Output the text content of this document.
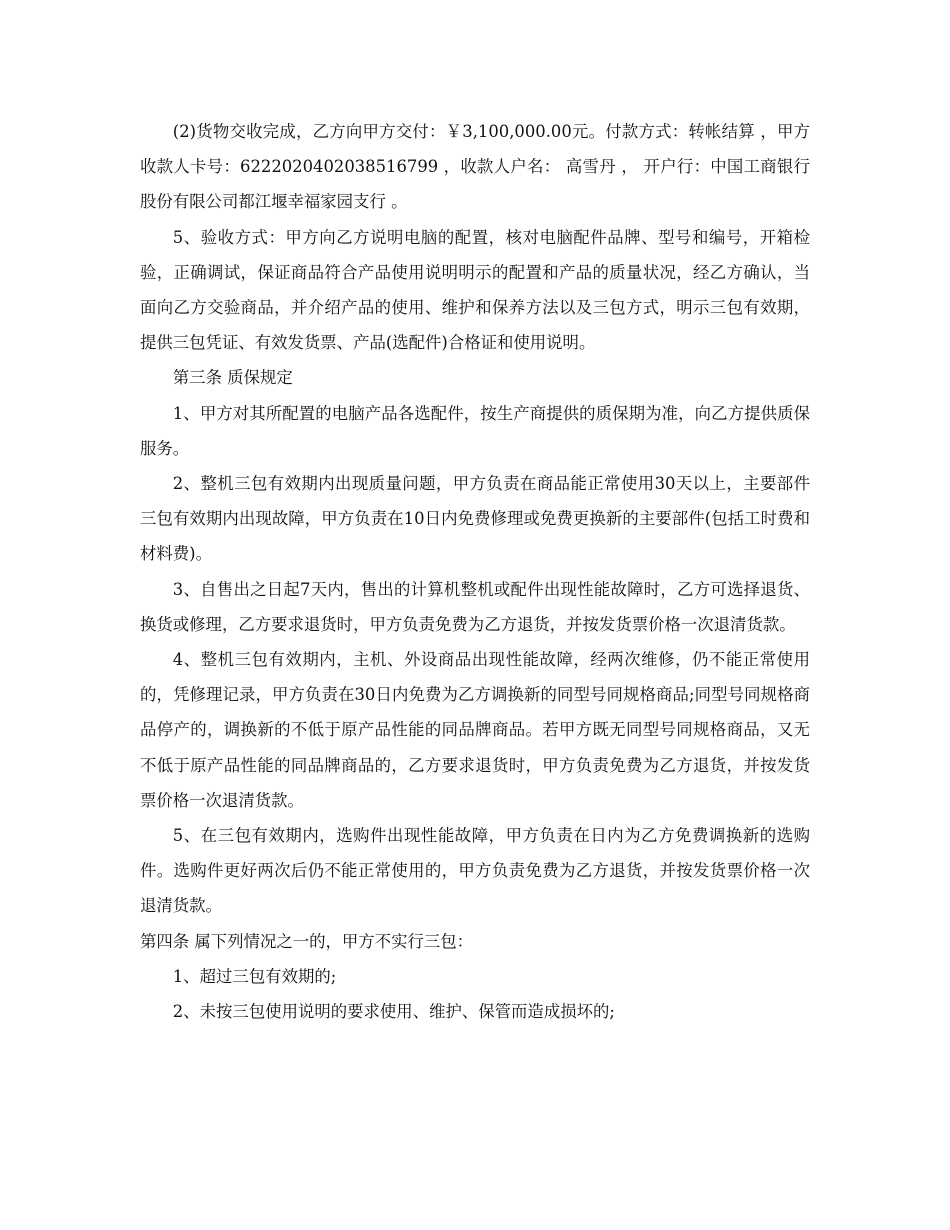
(2)货物交收完成，乙方向甲方交付：￥3,100,000.00元。付款方式：转帐结算 ，甲方收款人卡号：6222020402038516799 ，收款人户名： 高雪丹 ， 开户行：中国工商银行股份有限公司都江堰幸福家园支行 。

5、验收方式：甲方向乙方说明电脑的配置，核对电脑配件品牌、型号和编号，开箱检验，正确调试，保证商品符合产品使用说明明示的配置和产品的质量状况，经乙方确认，当面向乙方交验商品，并介绍产品的使用、维护和保养方法以及三包方式，明示三包有效期，提供三包凭证、有效发货票、产品(选配件)合格证和使用说明。

第三条 质保规定

1、甲方对其所配置的电脑产品各选配件，按生产商提供的质保期为准，向乙方提供质保服务。

2、整机三包有效期内出现质量问题，甲方负责在商品能正常使用30天以上，主要部件三包有效期内出现故障，甲方负责在10日内免费修理或免费更换新的主要部件(包括工时费和材料费)。

3、自售出之日起7天内，售出的计算机整机或配件出现性能故障时，乙方可选择退货、换货或修理，乙方要求退货时，甲方负责免费为乙方退货，并按发货票价格一次退清货款。

4、整机三包有效期内，主机、外设商品出现性能故障，经两次维修，仍不能正常使用的，凭修理记录，甲方负责在30日内免费为乙方调换新的同型号同规格商品;同型号同规格商品停产的，调换新的不低于原产品性能的同品牌商品。若甲方既无同型号同规格商品，又无不低于原产品性能的同品牌商品的，乙方要求退货时，甲方负责免费为乙方退货，并按发货票价格一次退清货款。

5、在三包有效期内，选购件出现性能故障，甲方负责在日内为乙方免费调换新的选购件。选购件更好两次后仍不能正常使用的，甲方负责免费为乙方退货，并按发货票价格一次退清货款。

第四条 属下列情况之一的，甲方不实行三包：

1、超过三包有效期的;

2、未按三包使用说明的要求使用、维护、保管而造成损坏的;
